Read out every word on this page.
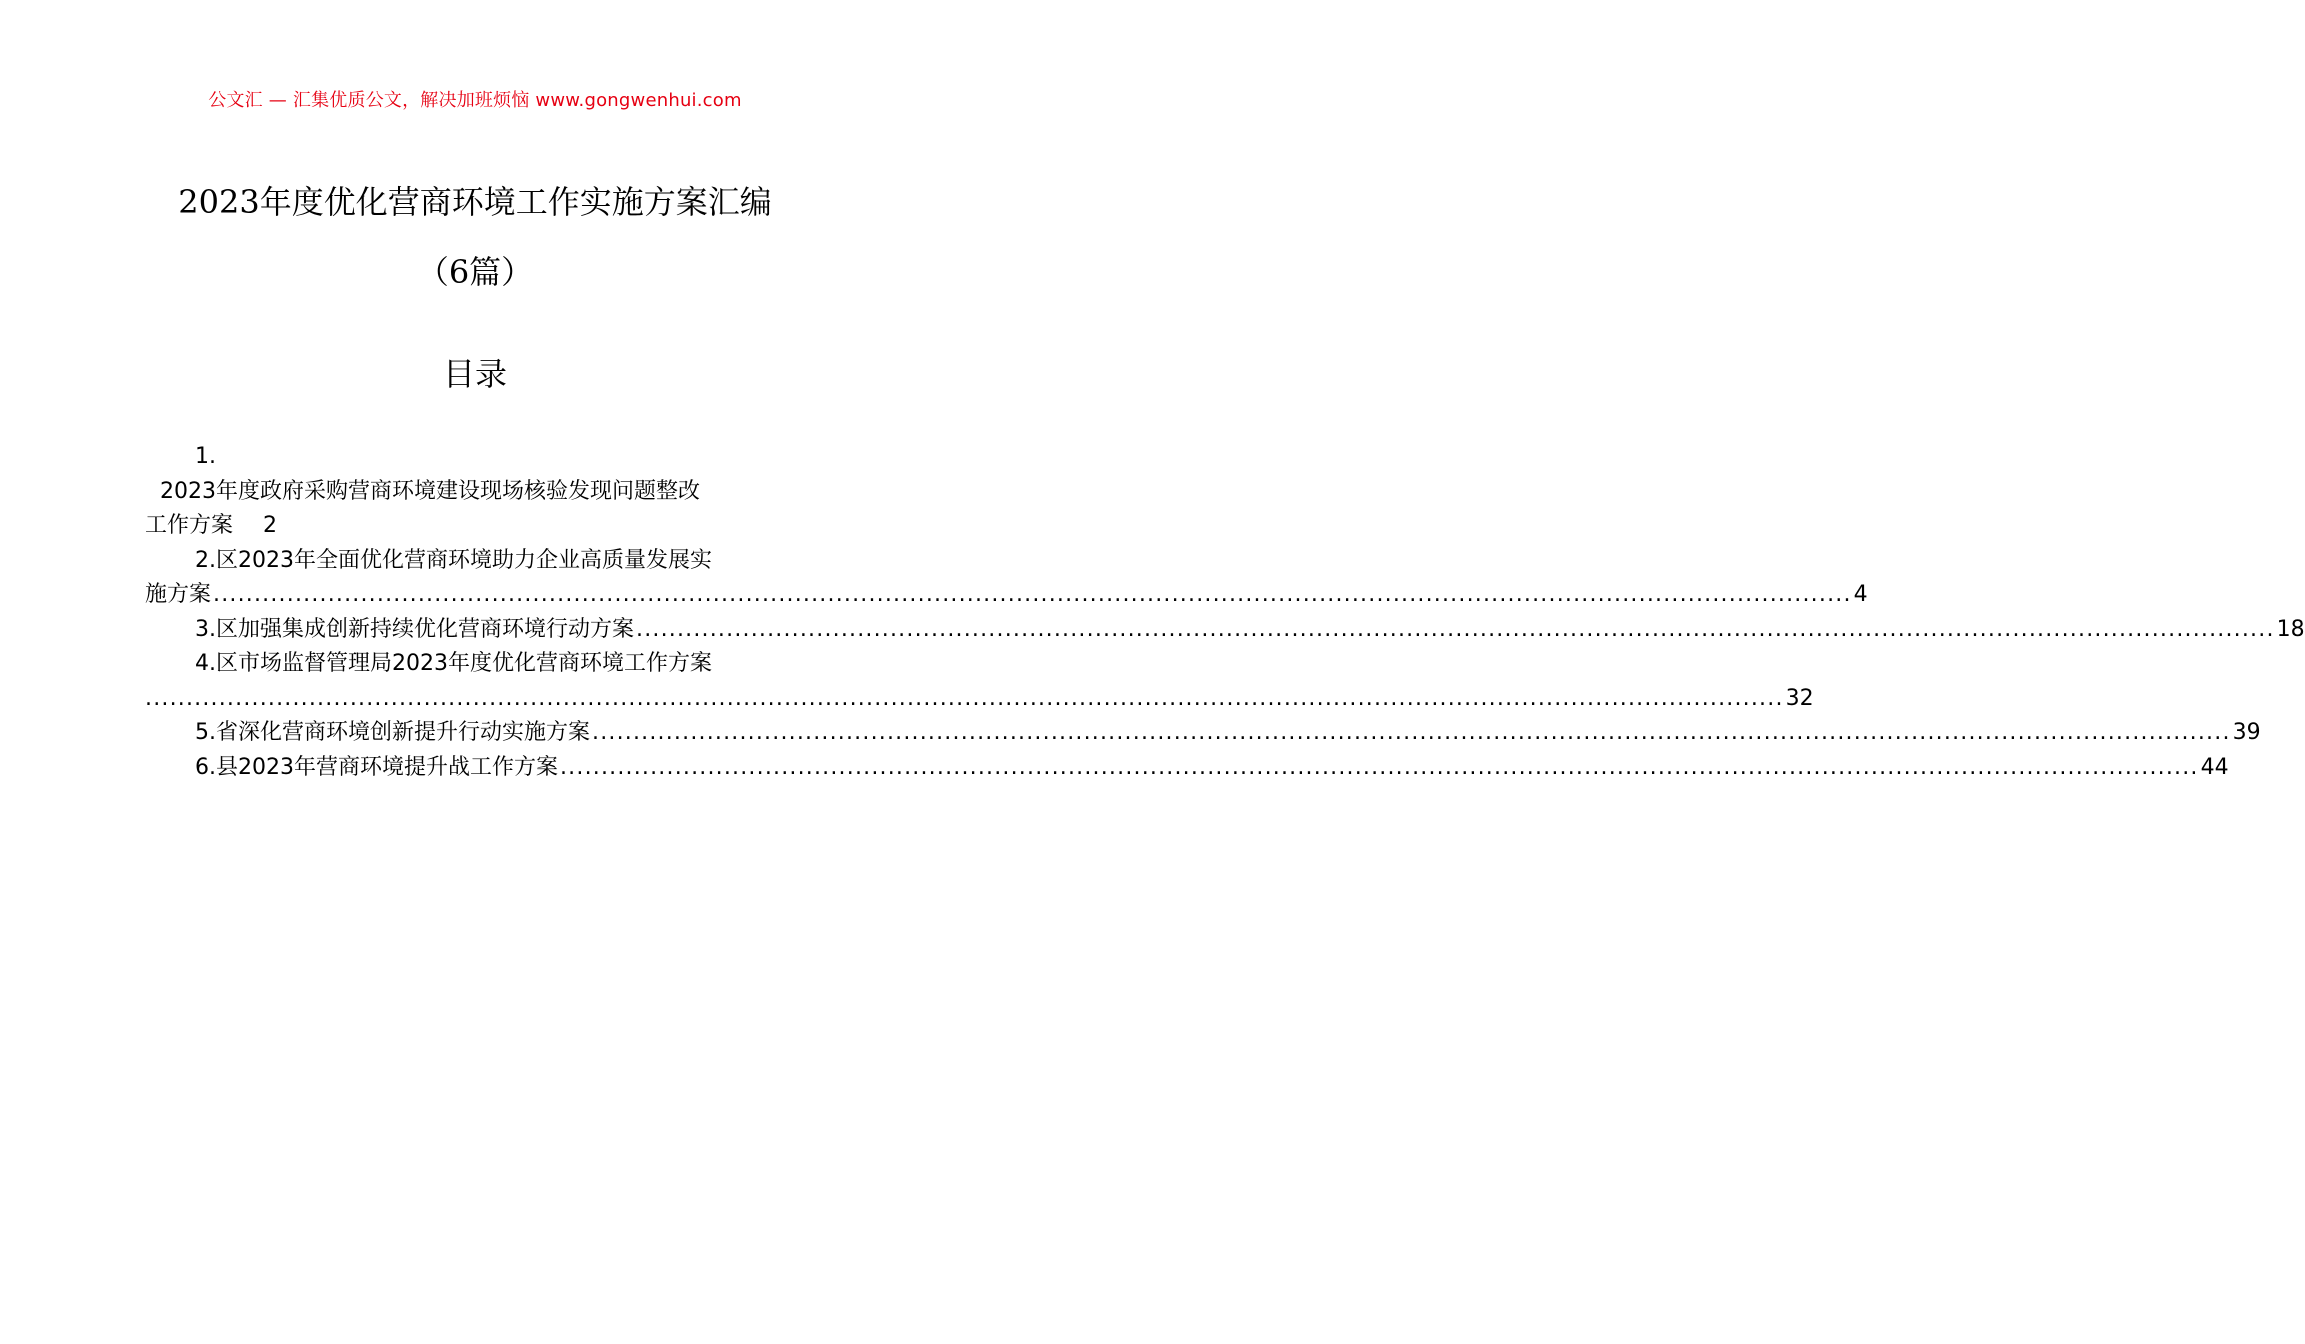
公文汇 — 汇集优质公文，解决加班烦恼 www.gongwenhui.com
2023年度优化营商环境工作实施方案汇编
（6篇）
目录
1.
2023年度政府采购营商环境建设现场核验发现问题整改
工作方案 2
2.区2023年全面优化营商环境助力企业高质量发展实
施方案 ........................................................................................................................................................................................................ 4
3.区加强集成创新持续优化营商环境行动方案 ........................................................................................................................................................................................................ 18
4.区市场监督管理局2023年度优化营商环境工作方案
........................................................................................................................................................................................................ 32
5.省深化营商环境创新提升行动实施方案 ........................................................................................................................................................................................................ 39
6.县2023年营商环境提升战工作方案 ........................................................................................................................................................................................................ 44
